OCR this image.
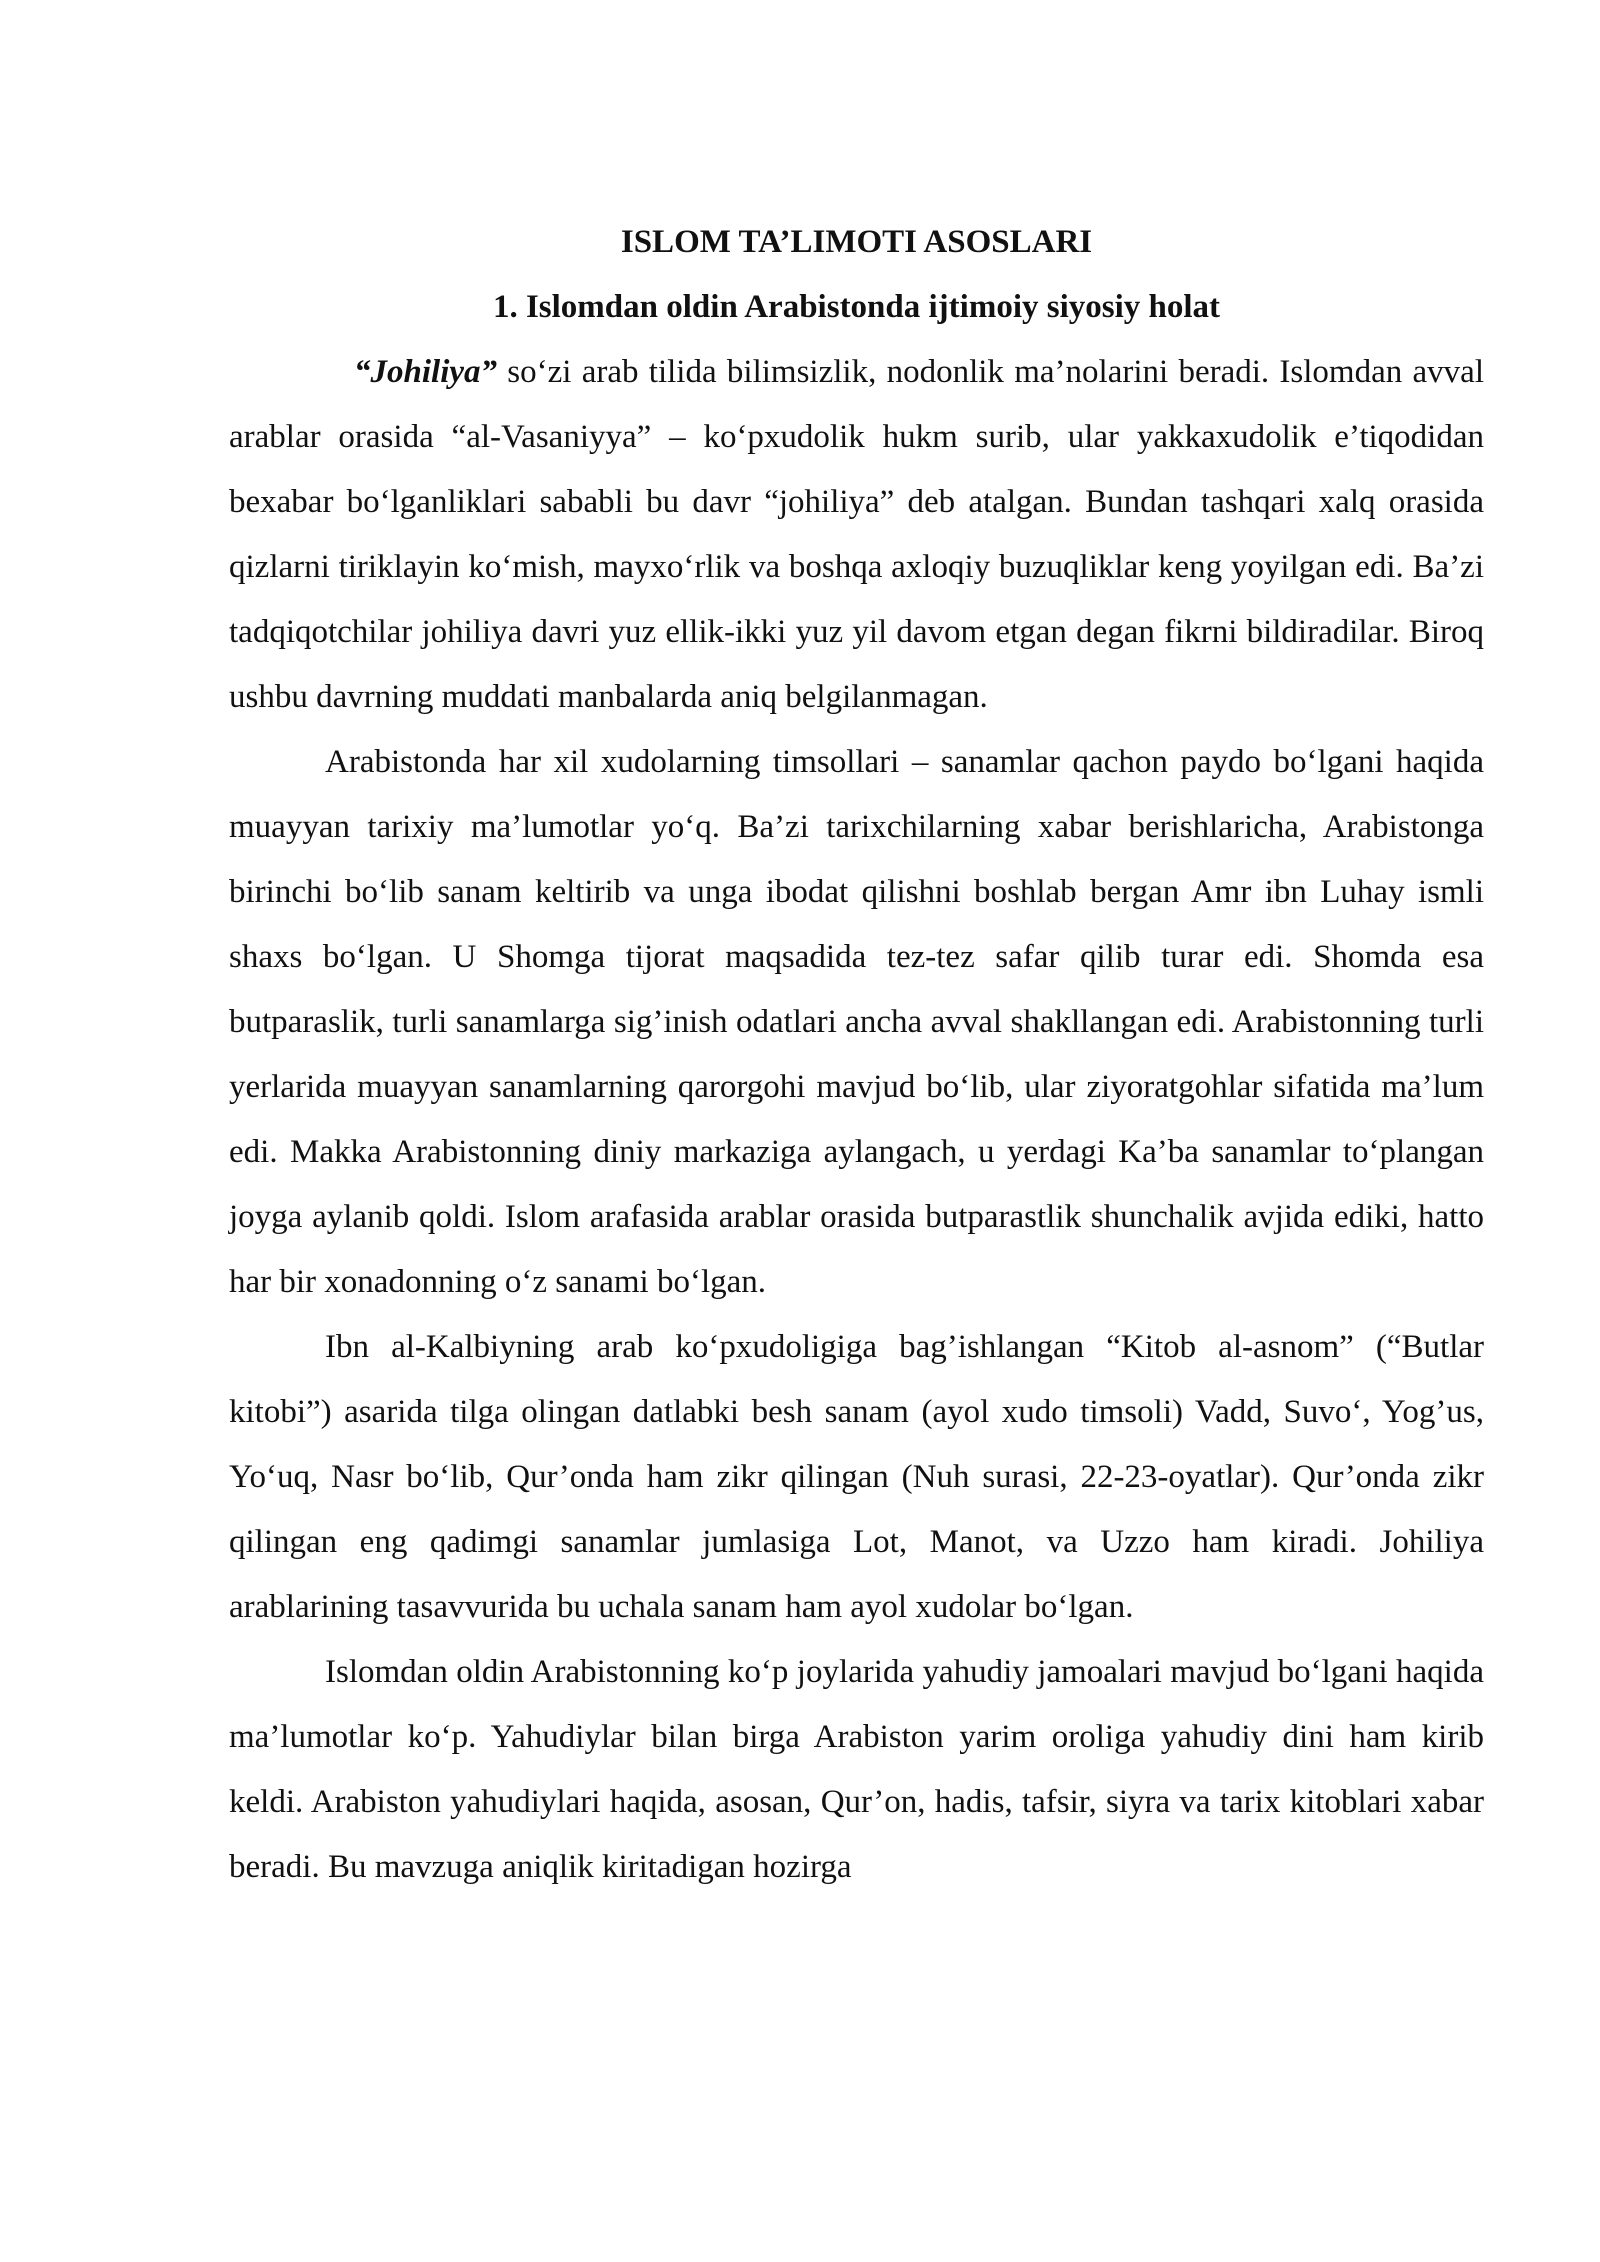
ISLOM TA’LIMOTI ASOSLARI
1. Islomdan oldin Arabistonda ijtimoiy siyosiy holat

“Johiliya” so‘zi arab tilida bilimsizlik, nodonlik ma’nolarini beradi. Islomdan avval arablar orasida “al-Vasaniyya” – ko‘pxudolik hukm surib, ular yakkaxudolik e’tiqodidan bexabar bo‘lganliklari sababli bu davr “johiliya” deb atalgan. Bundan tashqari xalq orasida qizlarni tiriklayin ko‘mish, mayxo‘rlik va boshqa axloqiy buzuqliklar keng yoyilgan edi. Ba’zi tadqiqotchilar johiliya davri yuz ellik-ikki yuz yil davom etgan degan fikrni bildiradilar. Biroq ushbu davrning muddati manbalarda aniq belgilanmagan.

Arabistonda har xil xudolarning timsollari – sanamlar qachon paydo bo‘lgani haqida muayyan tarixiy ma’lumotlar yo‘q. Ba’zi tarixchilarning xabar berishlaricha, Arabistonga birinchi bo‘lib sanam keltirib va unga ibodat qilishni boshlab bergan Amr ibn Luhay ismli shaxs bo‘lgan. U Shomga tijorat maqsadida tez-tez safar qilib turar edi. Shomda esa butparaslik, turli sanamlarga sig’inish odatlari ancha avval shakllangan edi. Arabistonning turli yerlarida muayyan sanamlarning qarorgohi mavjud bo‘lib, ular ziyoratgohlar sifatida ma’lum edi. Makka Arabistonning diniy markaziga aylangach, u yerdagi Ka’ba sanamlar to‘plangan joyga aylanib qoldi. Islom arafasida arablar orasida butparastlik shunchalik avjida ediki, hatto har bir xonadonning o‘z sanami bo‘lgan.

Ibn al-Kalbiyning arab ko‘pxudoligiga bag’ishlangan “Kitob al-asnom” (“Butlar kitobi”) asarida tilga olingan datlabki besh sanam (ayol xudo timsoli) Vadd, Suvo‘, Yog’us, Yo‘uq, Nasr bo‘lib, Qur’onda ham zikr qilingan (Nuh surasi, 22-23-oyatlar). Qur’onda zikr qilingan eng qadimgi sanamlar jumlasiga Lot, Manot, va Uzzo ham kiradi. Johiliya arablarining tasavvurida bu uchala sanam ham ayol xudolar bo‘lgan.

Islomdan oldin Arabistonning ko‘p joylarida yahudiy jamoalari mavjud bo‘lgani haqida ma’lumotlar ko‘p. Yahudiylar bilan birga Arabiston yarim oroliga yahudiy dini ham kirib keldi. Arabiston yahudiylari haqida, asosan, Qur’on, hadis, tafsir, siyra va tarix kitoblari xabar beradi. Bu mavzuga aniqlik kiritadigan hozirga
